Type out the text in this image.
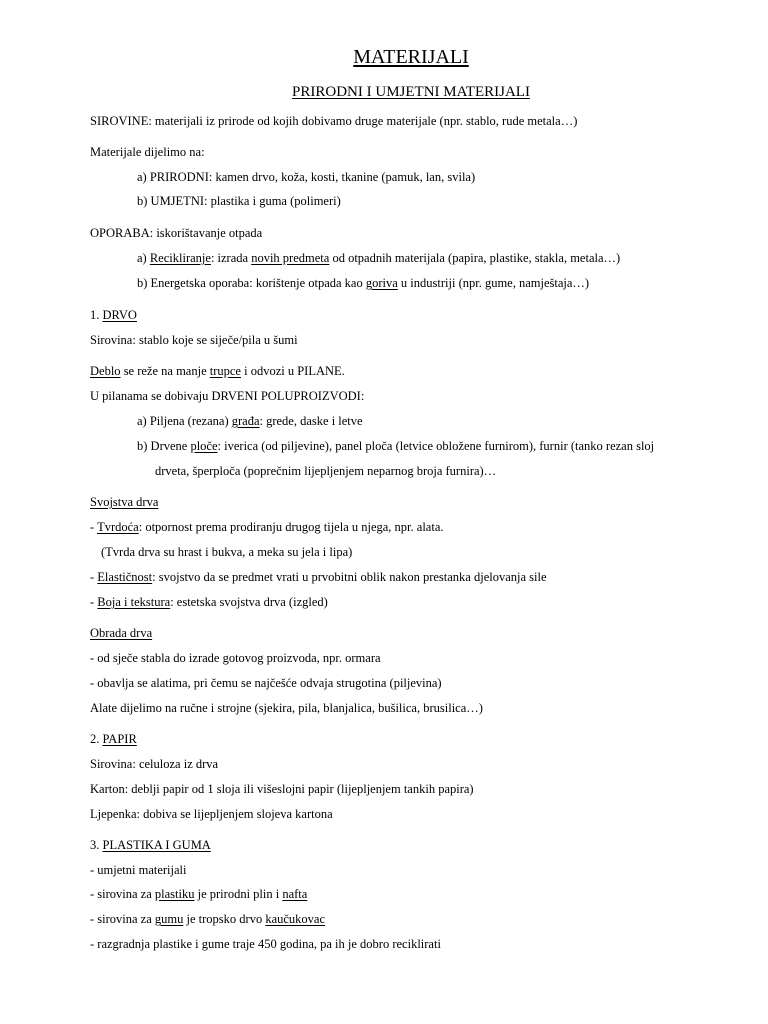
MATERIJALI
PRIRODNI I UMJETNI MATERIJALI
SIROVINE: materijali iz prirode od kojih dobivamo druge materijale (npr. stablo, rude metala…)
Materijale dijelimo na:
a) PRIRODNI: kamen drvo, koža, kosti, tkanine (pamuk, lan, svila)
b) UMJETNI: plastika i guma (polimeri)
OPORABA: iskorištavanje otpada
a) Recikliranje: izrada novih predmeta od otpadnih materijala (papira, plastike, stakla, metala…)
b) Energetska oporaba: korištenje otpada kao goriva u industriji (npr. gume, namještaja…)
1. DRVO
Sirovina: stablo koje se siječe/pila u šumi
Deblo se reže na manje trupce i odvozi u PILANE.
U pilanama se dobivaju DRVENI POLUPROIZVODI:
a) Piljena (rezana) građa: grede, daske i letve
b) Drvene ploče: iverica (od piljevine), panel ploča (letvice obložene furnirom), furnir (tanko rezan sloj
drveta, šperploča (poprečnim lijepljenjem neparnog broja furnira)…
Svojstva drva
- Tvrdoća: otpornost prema prodiranju drugog tijela u njega, npr. alata.
(Tvrda drva su hrast i bukva, a meka su jela i lipa)
- Elastičnost: svojstvo da se predmet vrati u prvobitni oblik nakon prestanka djelovanja sile
- Boja i tekstura: estetska svojstva drva (izgled)
Obrada drva
- od sječe stabla do izrade gotovog proizvoda, npr. ormara
- obavlja se alatima, pri čemu se najčešće odvaja strugotina (piljevina)
Alate dijelimo na ručne i strojne (sjekira, pila, blanjalica, bušilica, brusilica…)
2. PAPIR
Sirovina: celuloza iz drva
Karton: deblji papir od 1 sloja ili višeslojni papir (lijepljenjem tankih papira)
Ljepenka: dobiva se lijepljenjem slojeva kartona
3. PLASTIKA I GUMA
- umjetni materijali
- sirovina za plastiku je prirodni plin i nafta
- sirovina za gumu je tropsko drvo kaučukovac
- razgradnja plastike i gume traje 450 godina, pa ih je dobro reciklirati
